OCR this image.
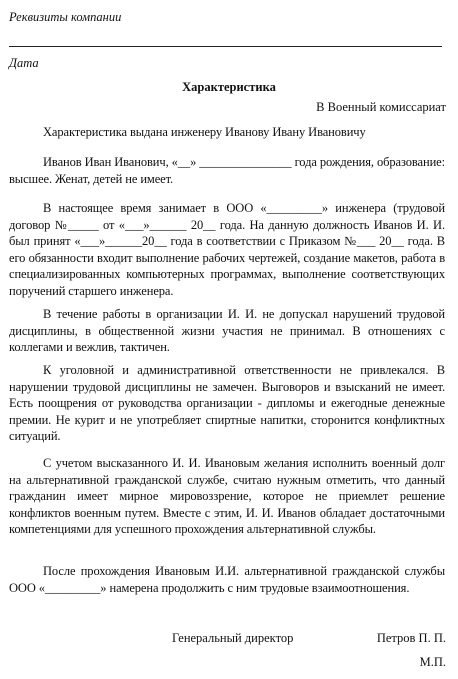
Реквизиты компании
Дата
Характеристика
В Военный комиссариат
Характеристика выдана инженеру Иванову Ивану Ивановичу
Иванов Иван Иванович, «__» _______________ года рождения, образование: высшее. Женат, детей не имеет.
В настоящее время занимает в ООО «_________» инженера (трудовой договор №_____ от «___»______ 20__ года. На данную должность Иванов И. И. был принят «___»______20__ года в соответствии с Приказом №___ 20__ года. В его обязанности входит выполнение рабочих чертежей, создание макетов, работа в специализированных компьютерных программах, выполнение соответствующих поручений старшего инженера.
В течение работы в организации И. И. не допускал нарушений трудовой дисциплины, в общественной жизни участия не принимал. В отношениях с коллегами и вежлив, тактичен.
К уголовной и административной ответственности не привлекался. В нарушении трудовой дисциплины не замечен. Выговоров и взысканий не имеет. Есть поощрения от руководства организации - дипломы и ежегодные денежные премии. Не курит и не употребляет спиртные напитки, сторонится конфликтных ситуаций.
С учетом высказанного И. И. Ивановым желания исполнить военный долг на альтернативной гражданской службе, считаю нужным отметить, что данный гражданин имеет мирное мировоззрение, которое не приемлет решение конфликтов военным путем. Вместе с этим, И. И. Иванов обладает достаточными компетенциями для успешного прохождения альтернативной службы.
После прохождения Ивановым И.И. альтернативной гражданской службы ООО «_________» намерена продолжить с ним трудовые взаимоотношения.
Генеральный директор	Петров П. П.
М.П.
